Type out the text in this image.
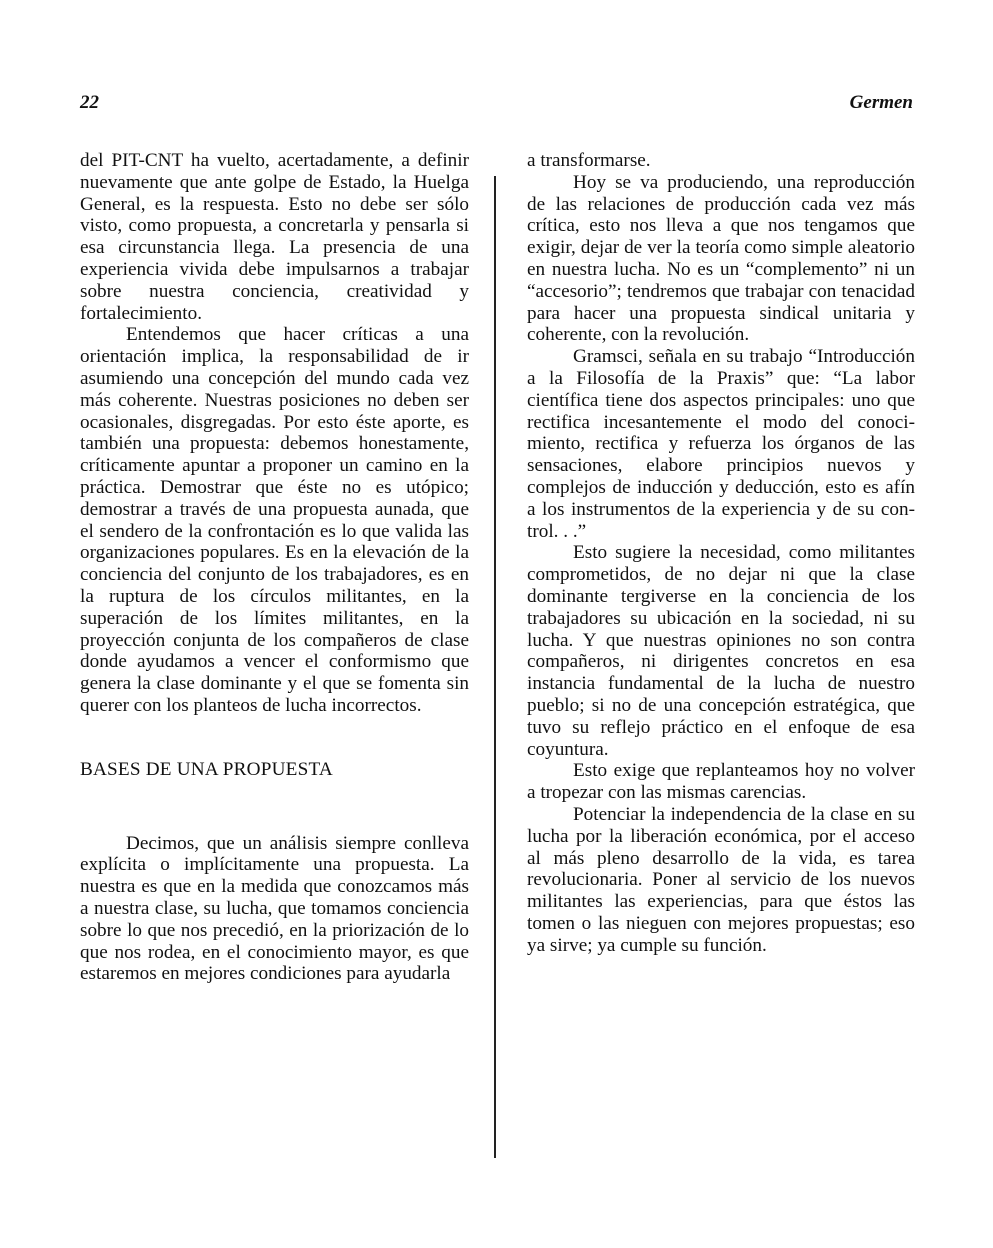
22	Germen

del PIT-CNT ha vuelto, acertadamente, a definir nuevamente que ante golpe de Estado, la Huelga General, es la respuesta. Esto no debe ser sólo visto, como propuesta, a concretarla y pensarla si esa circunstancia llega. La presencia de una experiencia vivida debe impulsarnos a trabajar sobre nuestra conciencia, creatividad y fortalecimiento.

Entendemos que hacer críticas a una orientación implica, la responsabilidad de ir asumiendo una concepción del mundo cada vez más coherente. Nuestras posiciones no deben ser ocasionales, disgregadas. Por esto éste aporte, es también una propuesta: debemos honestamente, críticamente apuntar a proponer un camino en la práctica. Demostrar que éste no es utópico; demostrar a través de una propuesta aunada, que el sendero de la confrontación es lo que valida las organizaciones populares. Es en la elevación de la conciencia del conjunto de los trabajadores, es en la ruptura de los círculos militantes, en la superación de los límites militantes, en la proyección conjunta de los compañeros de clase donde ayudamos a vencer el conformismo que genera la clase dominante y el que se fomenta sin querer con los planteos de lucha incorrectos.

BASES DE UNA PROPUESTA

Decimos, que un análisis siempre conlleva explícita o implícitamente una propuesta. La nuestra es que en la medida que conozcamos más a nuestra clase, su lucha, que tomamos conciencia sobre lo que nos precedió, en la priorización de lo que nos rodea, en el conocimiento mayor, es que estaremos en mejores condiciones para ayudarla

a transformarse.

Hoy se va produciendo, una reproducción de las relaciones de producción cada vez más crítica, esto nos lleva a que nos tengamos que exigir, dejar de ver la teoría como simple aleatorio en nuestra lucha. No es un “complemento” ni un “accesorio”; tendremos que trabajar con tenacidad para hacer una propuesta sindical unitaria y coherente, con la revolución.

Gramsci, señala en su trabajo “Introducción a la Filosofía de la Praxis” que: “La labor científica tiene dos aspectos principales: uno que rectifica incesantemente el modo del conocimiento, rectifica y refuerza los órganos de las sensaciones, elabore principios nuevos y complejos de inducción y deducción, esto es afín a los instrumentos de la experiencia y de su control. . .”

Esto sugiere la necesidad, como militantes comprometidos, de no dejar ni que la clase dominante tergiverse en la conciencia de los trabajadores su ubicación en la sociedad, ni su lucha. Y que nuestras opiniones no son contra compañeros, ni dirigentes concretos en esa instancia fundamental de la lucha de nuestro pueblo; si no de una concepción estratégica, que tuvo su reflejo práctico en el enfoque de esa coyuntura.

Esto exige que replanteamos hoy no volver a tropezar con las mismas carencias.

Potenciar la independencia de la clase en su lucha por la liberación económica, por el acceso al más pleno desarrollo de la vida, es tarea revolucionaria. Poner al servicio de los nuevos militantes las experiencias, para que éstos las tomen o las nieguen con mejores propuestas; eso ya sirve; ya cumple su función.
